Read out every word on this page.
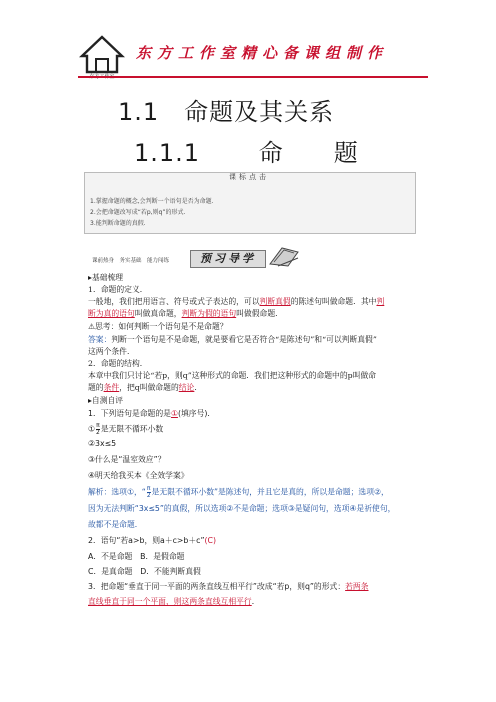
东方工作室精心备课组制作
1.1　命题及其关系
1.1.1 命 题
课标点击
1.掌握命题的概念,会判断一个语句是否为命题.
2.会把命题改写成“若p,则q”的形式.
3.能判断命题的真假.
课前热身　务实基础　能力闯练	预习导学
▸基础梳理
1．命题的定义．
一般地，我们把用语言、符号或式子表达的，可以判断真假的陈述句叫做命题．其中判
断为真的语句叫做真命题，判断为假的语句叫做假命题．
⚠思考：如何判断一个语句是不是命题？
答案：判断一个语句是不是命题，就是要看它是否符合“是陈述句”和“可以判断真假”
这两个条件．
2．命题的结构．
本章中我们只讨论“若p，则q”这种形式的命题．我们把这种形式的命题中的p叫做命
题的条件，把q叫做命题的结论．
▸自测自评
1．下列语句是命题的是①(填序号)．
① $\frac{\pi}{2}$ 是无限不循环小数
②3x≤5
③什么是“温室效应”？
④明天给我买本《全效学案》
解析：选项①，“ $\frac{\pi}{2}$ 是无限不循环小数”是陈述句，并且它是真的，所以是命题；选项②，
因为无法判断“3x≤5”的真假，所以选项②不是命题；选项③是疑问句，选项④是祈使句，
故都不是命题．
2．语句“若a>b，则a＋c>b＋c”(C)
A．不是命题　B．是假命题
C．是真命题　D．不能判断真假
3．把命题“垂直于同一平面的两条直线互相平行”改成“若p，则q”的形式：若两条
直线垂直于同一个平面，则这两条直线互相平行．
